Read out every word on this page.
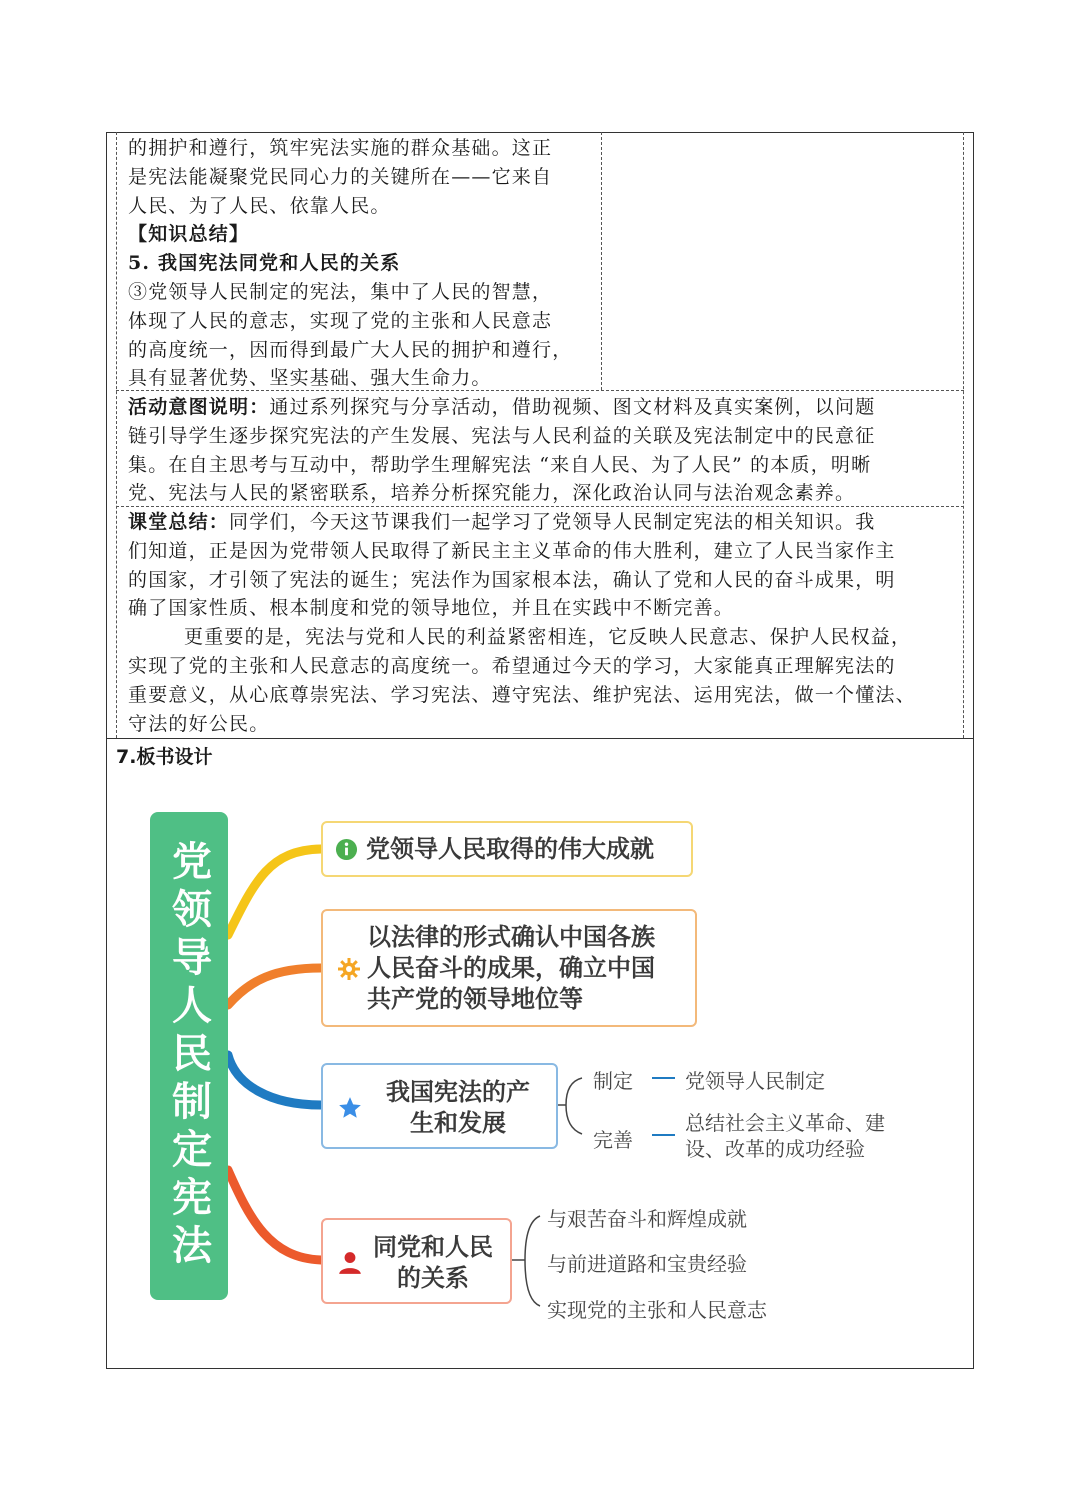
的拥护和遵行，筑牢宪法实施的群众基础。这正

是宪法能凝聚党民同心力的关键所在——它来自

人民、为了人民、依靠人民。

【知识总结】

5. 我国宪法同党和人民的关系

③党领导人民制定的宪法，集中了人民的智慧，

体现了人民的意志，实现了党的主张和人民意志

的高度统一，因而得到最广大人民的拥护和遵行，

具有显著优势、坚实基础、强大生命力。

活动意图说明：通过系列探究与分享活动，借助视频、图文材料及真实案例，以问题

链引导学生逐步探究宪法的产生发展、宪法与人民利益的关联及宪法制定中的民意征

集。在自主思考与互动中，帮助学生理解宪法 “来自人民、为了人民” 的本质，明晰

党、宪法与人民的紧密联系，培养分析探究能力，深化政治认同与法治观念素养。

课堂总结：同学们，今天这节课我们一起学习了党领导人民制定宪法的相关知识。我

们知道，正是因为党带领人民取得了新民主主义革命的伟大胜利，建立了人民当家作主

的国家，才引领了宪法的诞生；宪法作为国家根本法，确认了党和人民的奋斗成果，明

确了国家性质、根本制度和党的领导地位，并且在实践中不断完善。

更重要的是，宪法与党和人民的利益紧密相连，它反映人民意志、保护人民权益，

实现了党的主张和人民意志的高度统一。希望通过今天的学习，大家能真正理解宪法的

重要意义，从心底尊崇宪法、学习宪法、遵守宪法、维护宪法、运用宪法，做一个懂法、

守法的好公民。

7.板书设计
党领导人民制定宪法	党领导人民取得的伟大成就
以法律的形式确认中国各族
人民奋斗的成果，确立中国
共产党的领导地位等
我国宪法的产
生和发展
制定	党领导人民制定
完善
总结社会主义革命、建
设、改革的成功经验
同党和人民
的关系
与艰苦奋斗和辉煌成就
与前进道路和宝贵经验
实现党的主张和人民意志
